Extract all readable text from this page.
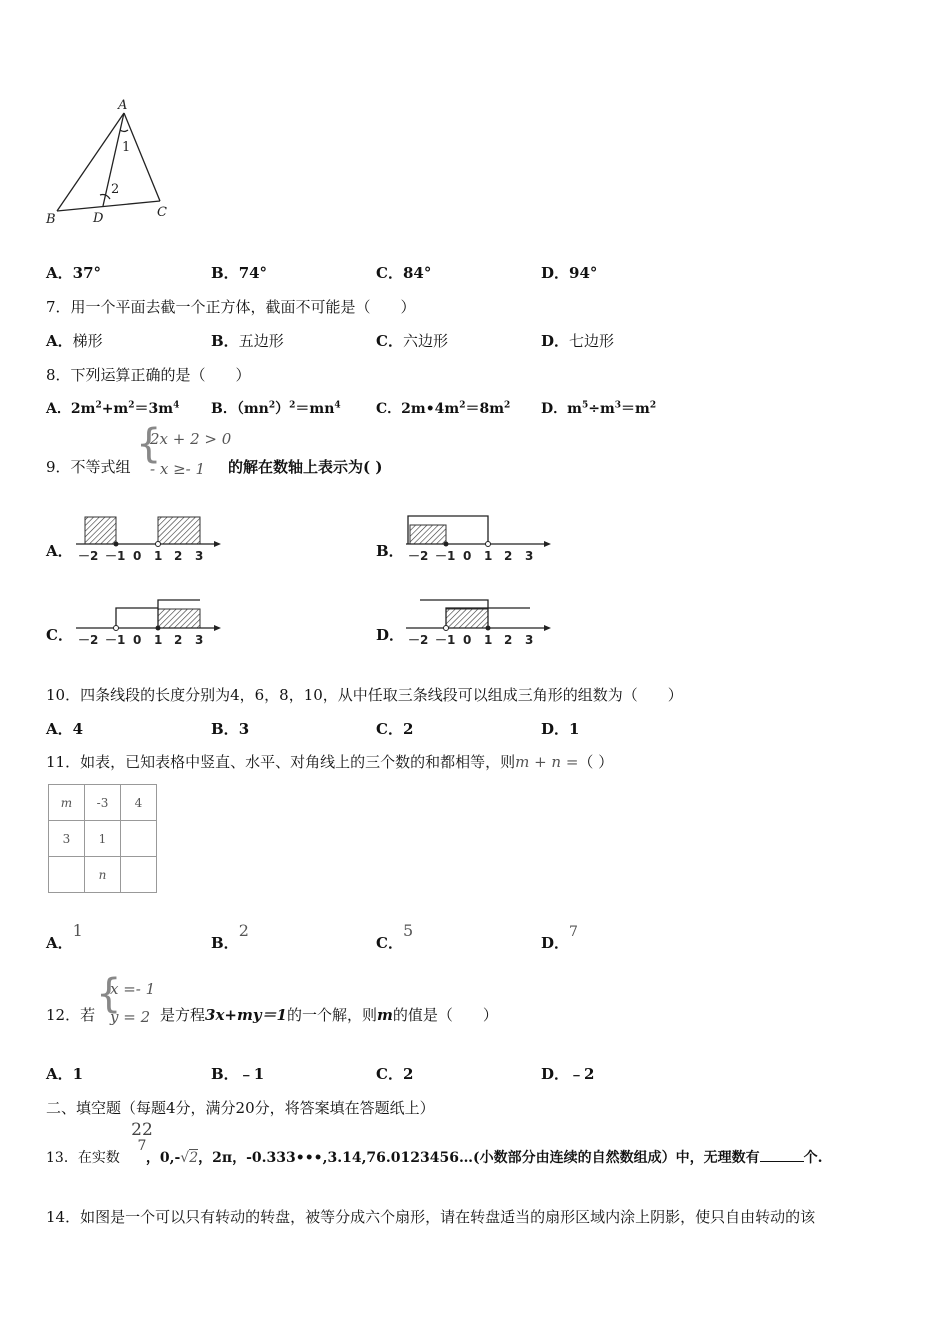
A
1
2
B	D	C
A．37°	B．74°	C．84°	D．94°
7．用一个平面去截一个正方体，截面不可能是（　　）
A．梯形	B．五边形	C．六边形	D．七边形
8．下列运算正确的是（　　）
A．$2m^2+m^2=3m^4$ B．$(mn^2)^2=mn^4$	C．$2m•4m^2=8m^2$ D．$m^5\div m^3=m^2$
9．不等式组 {
2x + 2 > 0
- x ≥- 1 的解在数轴上表示为( )
A．	B．
C．	D．
－2 －1 0 1 2 3	－2 －1 0 1 2 3
－2 －1 0 1 2 3	－2 －1 0 1 2 3
10．四条线段的长度分别为4，6，8，10，从中任取三条线段可以组成三角形的组数为（　　）
A．4	B．3	C．2	D．1
11．如表，已知表格中竖直、水平、对角线上的三个数的和都相等，则m + n =（ ）
m	-3	4
3	1	
	n	
A．1
B．2
C．5
D．7
12．若 {
x =- 1
y = 2 是方程3x+my＝1的一个解，则m的值是（　　）
A．1	B．﹣1	C．2	D．﹣2
二、填空题（每题4分，满分20分，将答案填在答题纸上）
22
7
13．在实数 ，0,-√2，2π，-0.333•••,3.14,76.0123456…(小数部分由连续的自然数组成）中，无理数有	个.
14．如图是一个可以只有转动的转盘，被等分成六个扇形，请在转盘适当的扇形区域内涂上阴影，使只自由转动的该
